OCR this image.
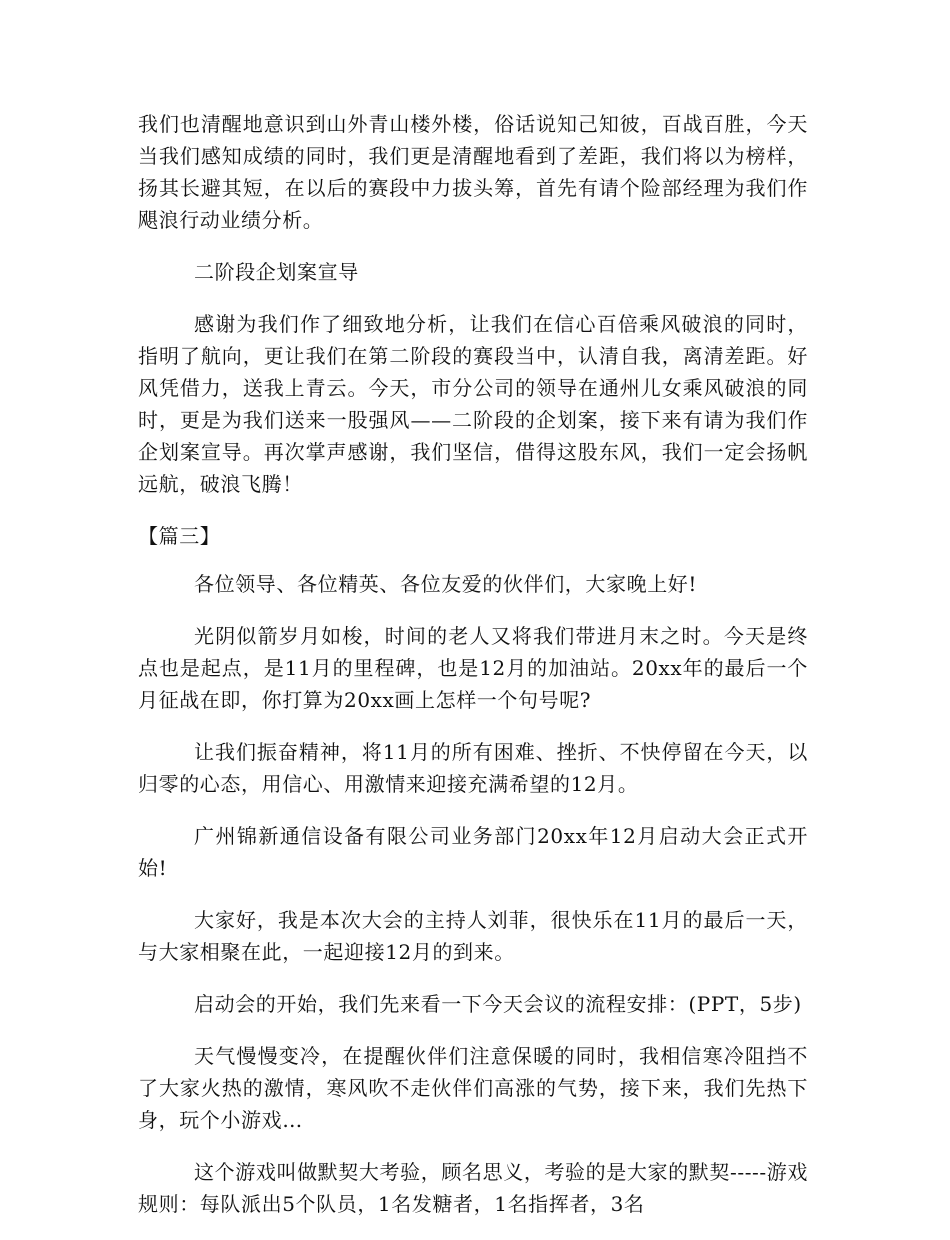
我们也清醒地意识到山外青山楼外楼，俗话说知己知彼，百战百胜，今天当我们感知成绩的同时，我们更是清醒地看到了差距，我们将以为榜样，扬其长避其短，在以后的赛段中力拔头筹，首先有请个险部经理为我们作飓浪行动业绩分析。

二阶段企划案宣导

感谢为我们作了细致地分析，让我们在信心百倍乘风破浪的同时，指明了航向，更让我们在第二阶段的赛段当中，认清自我，离清差距。好风凭借力，送我上青云。今天，市分公司的领导在通州儿女乘风破浪的同时，更是为我们送来一股强风——二阶段的企划案，接下来有请为我们作企划案宣导。再次掌声感谢，我们坚信，借得这股东风，我们一定会扬帆远航，破浪飞腾！

【篇三】

各位领导、各位精英、各位友爱的伙伴们，大家晚上好!

光阴似箭岁月如梭，时间的老人又将我们带进月末之时。今天是终点也是起点，是11月的里程碑，也是12月的加油站。20xx年的最后一个月征战在即，你打算为20xx画上怎样一个句号呢?

让我们振奋精神，将11月的所有困难、挫折、不快停留在今天，以归零的心态，用信心、用激情来迎接充满希望的12月。

广州锦新通信设备有限公司业务部门20xx年12月启动大会正式开始!

大家好，我是本次大会的主持人刘菲，很快乐在11月的最后一天，与大家相聚在此，一起迎接12月的到来。

启动会的开始，我们先来看一下今天会议的流程安排：(PPT，5步)

天气慢慢变冷，在提醒伙伴们注意保暖的同时，我相信寒冷阻挡不了大家火热的激情，寒风吹不走伙伴们高涨的气势，接下来，我们先热下身，玩个小游戏…

这个游戏叫做默契大考验，顾名思义，考验的是大家的默契-----游戏规则：每队派出5个队员，1名发糖者，1名指挥者，3名
